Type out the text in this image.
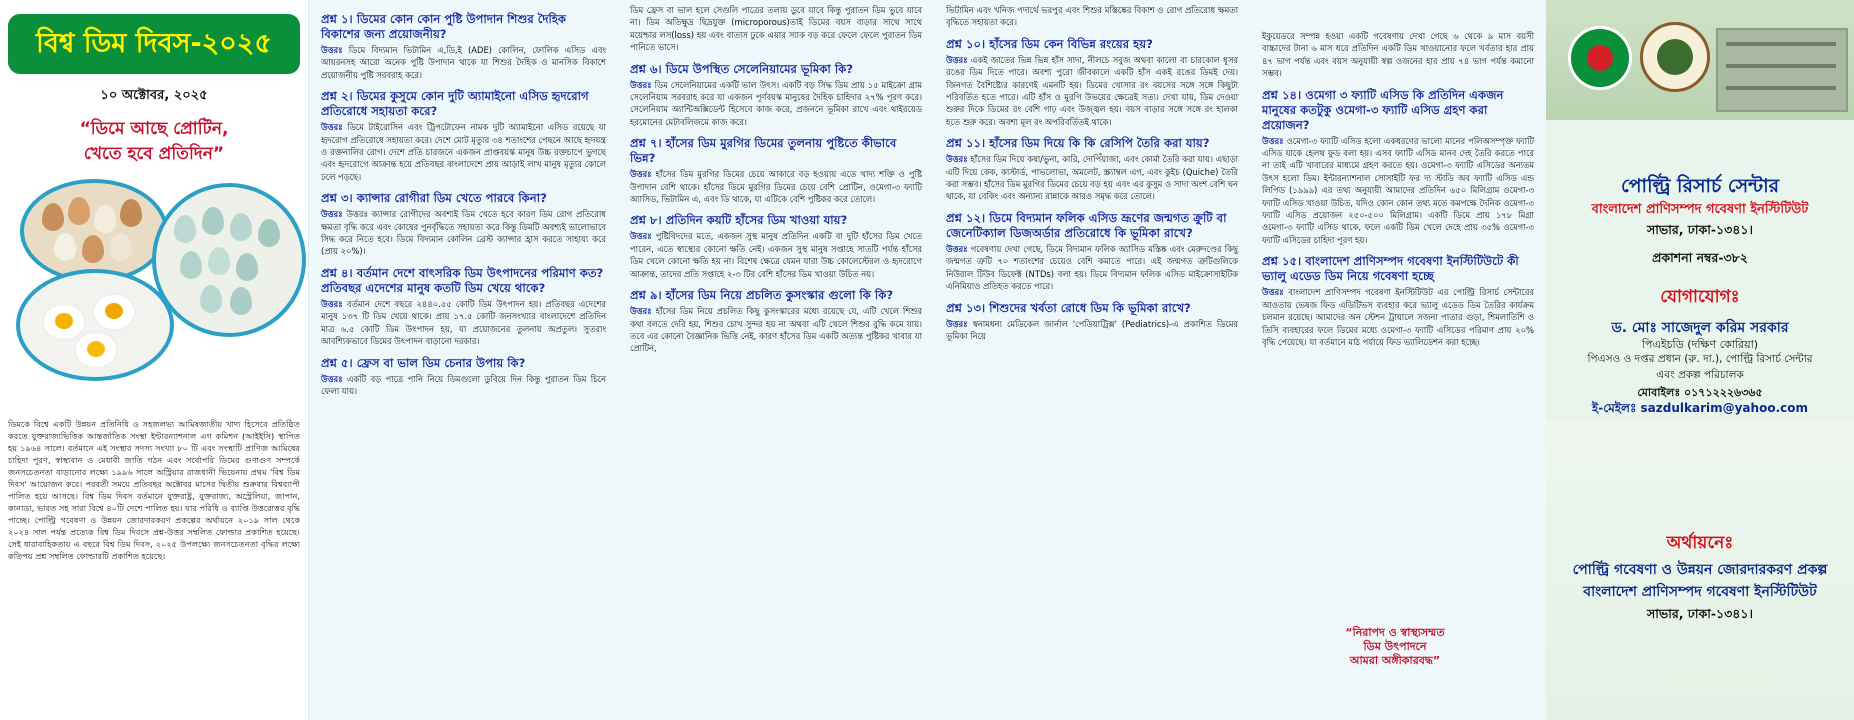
বিশ্ব ডিম দিবস-২০২৫
১০ অক্টোবর, ২০২৫
“ডিমে আছে প্রোটিন,
খেতে হবে প্রতিদিন”

ডিমকে বিশ্বে একটি উন্নয়ন প্রতিনিধি ও সহজলভ্য আমিষজাতীয় খাদ্য হিসেবে প্রতিষ্ঠিত করতে যুক্তরাজ্যভিত্তিক আন্তর্জাতিক সংস্থা ইন্টারন্যাশনাল এগ কমিশন (আইইসি) স্থাপিত হয় ১৯৬৪ সালে। বর্তমানে এই সংস্থার সদস্য সংখ্যা ৮০ টি এবং সংস্থাটি প্রাণিজ আমিষের চাহিদা পূরণ, স্বাস্থ্যবান ও মেধাবী জাতি গঠন এবং সর্বোপরি ডিমের গুণাগুণ সম্পর্কে জনসচেতনতা বাড়ানোর লক্ষ্যে ১৯৯৬ সালে অস্ট্রিয়ার রাজধানী ভিয়েনায় প্রথম 'বিশ্ব ডিম দিবস' আয়োজন করে। পরবর্তী সময়ে প্রতিবছর অক্টোবর মাসের দ্বিতীয় শুক্রবার বিশ্বব্যাপী পালিত হয়ে আসছে। বিশ্ব ডিম দিবস বর্তমানে যুক্তরাষ্ট্র, যুক্তরাজ্য, অস্ট্রেলিয়া, জাপান, কানাডা, ভারত সহ সারা বিশ্বে ৪০টি দেশে পালিত হয়। যার পরিধি ও ব্যাপ্তি উত্তরোত্তর বৃদ্ধি পাচ্ছে। পোল্ট্রি গবেষণা ও উন্নয়ন জোরদারকরণ প্রকল্পের অর্থায়নে ২০১৯ সাল থেকে ২০২৪ সাল পর্যন্ত প্রত্যেক বিশ্ব ডিম দিবসে প্রশ্ন-উত্তর সম্বলিত ফোল্ডার প্রকাশিত হয়েছে। সেই ধারাবাহিকতায় এ বছরে বিশ্ব ডিম দিবস, ২০২৫ উপলক্ষ্যে জনসচেতনতা বৃদ্ধির লক্ষ্যে কতিপয় প্রশ্ন সম্বলিত ফোল্ডারটি প্রকাশিত হয়েছে।

প্রশ্ন ১। ডিমের কোন কোন পুষ্টি উপাদান শিশুর দৈহিক বিকাশের জন্য প্রয়োজনীয়?

উত্তরঃ ডিমে বিদ্যমান ভিটামিন এ,ডি,ই (ADE) কোলিন, ফোলিক এসিড এবং আয়রনসহ আরো অনেক পুষ্টি উপাদান থাকে যা শিশুর দৈহিক ও মানসিক বিকাশে প্রয়োজনীয় পুষ্টি সরবরাহ করে।

প্রশ্ন ২। ডিমের কুসুমে কোন দুটি অ্যামাইনো এসিড হৃদরোগ প্রতিরোধে সহায়তা করে?

উত্তরঃ ডিমে টাইরোসিন এবং ট্রিপটোফেন নামক দুটি অ্যামাইনো এসিড রয়েছে যা হৃদরোগ প্রতিরোধে সহায়তা করে। দেশে মোট মৃত্যুর ৩৪ শতাংশের পেছনে আছে হৃদযন্ত্র ও রক্তনালির রোগ। দেশে প্রতি চারজনে একজন প্রাপ্তবয়স্ক মানুষ উচ্চ রক্তচাপে ভুগছে এবং হৃদরোগে আক্রান্ত হয়ে প্রতিবছর বাংলাদেশে প্রায় আড়াই লাখ মানুষ মৃত্যুর কোলে ঢলে পড়ছে।

প্রশ্ন ৩। ক্যান্সার রোগীরা ডিম খেতে পারবে কিনা?

উত্তরঃ উত্তরঃ ক্যান্সার রোগীদের অবশ্যই ডিম খেতে হবে কারণ ডিম রোগ প্রতিরোধ ক্ষমতা বৃদ্ধি করে এবং কোষের পুনর্বৃদ্ধিতে সহায়তা করে কিন্তু ডিমটি অবশ্যই ভালোভাবে সিদ্ধ করে নিতে হবে। ডিমে বিদ্যমান কোলিন ব্রেস্ট ক্যান্সার হ্রাস করতে সাহায্য করে (প্রায় ২০%)।

প্রশ্ন ৪। বর্তমান দেশে বাৎসরিক ডিম উৎপাদনের পরিমাণ কত? প্রতিবছর এদেশের মানুষ কতটি ডিম খেয়ে থাকে?

উত্তরঃ বর্তমান দেশে বছরে ২৪৪০.৫৫ কোটি ডিম উৎপাদন হয়। প্রতিবছর এদেশের মানুষ ১৩৭ টি ডিম খেয়ে থাকে। প্রায় ১৭.৫ কোটি জনসংখ্যার বাংলাদেশে প্রতিদিন মাত্র ৬.৫ কোটি ডিম উৎপাদন হয়, যা প্রয়োজনের তুলনায় অপ্রতুল। সুতরাং আবশ্যিকভাবে ডিমের উৎপাদন বাড়ানো দরকার।

প্রশ্ন ৫। ফ্রেস বা ভাল ডিম চেনার উপায় কি?

উত্তরঃ একটি বড় পাত্রে পানি নিয়ে ডিমগুলো ডুবিয়ে দিন কিন্তু পুরাতন ডিম চিনে ফেলা যায়।

ডিম ফ্রেস বা ভাল হলে সেগুলি পাত্রের তলায় ডুবে যাবে কিন্তু পুরাতন ডিম ভুবে যাবে না। ডিম অতিক্ষুদ্র ছিদ্রযুক্ত (microporous)তাই ডিমের বয়স বাড়ার সাথে সাথে ময়েশ্চার লস(loss) হয় এবং বাতাস ঢুকে এয়ার স্যাক বড় করে ফেলে ফেলে পুরাতন ডিম পানিতে ভাসে।

প্রশ্ন ৬। ডিমে উপস্থিত সেলেনিয়ামের ভূমিকা কি?

উত্তরঃ ডিম সেলেনিয়ামের একটি ভাল উৎস। একটি বড় সিদ্ধ ডিম প্রায় ১৫ মাইক্রো গ্রাম সেলেনিয়াম সরবরাহ করে যা একজন পূর্ণবয়স্ক মানুষের দৈহিক চাহিদার ২৭% পূরণ করে। সেলেনিয়াম অ্যান্টিঅক্সিডেন্ট হিসেবে কাজ করে, প্রজননে ভূমিকা রাখে এবং থাইরয়েড হরমোনের মেটাবলিজমে কাজ করে।

প্রশ্ন ৭। হাঁসের ডিম মুরগির ডিমের তুলনায় পুষ্টিতে কীভাবে ভিন্ন?

উত্তরঃ হাঁসের ডিম মুরগির ডিমের চেয়ে আকারে বড় হওয়ায় এতে খাদ্য শক্তি ও পুষ্টি উপাদান বেশি থাকে। হাঁসের ডিমে মুরগির ডিমের চেয়ে বেশি প্রোটিন, ওমেগা-৩ ফ্যাটি অ্যাসিড, ভিটামিন এ, এবং ডি থাকে, যা এটিকে বেশি পুষ্টিকর করে তোলে।

প্রশ্ন ৮। প্রতিদিন কয়টি হাঁসের ডিম খাওয়া যায়?

উত্তরঃ পুষ্টিবিদদের মতে, একজন সুস্থ মানুষ প্রতিদিন একটি বা দুটি হাঁসের ডিম খেতে পারেন, এতে স্বাস্থ্যের কোনো ক্ষতি নেই। একজন সুস্থ মানুষ সপ্তাহে সাতটি পর্যন্ত হাঁসের ডিম খেলে কোনো ক্ষতি হয় না। বিশেষ ক্ষেত্রে যেমন যারা উচ্চ কোলেস্টেরল ও হৃদরোগে আক্রান্ত, তাদের প্রতি সপ্তাহে ২-৩ টির বেশি হাঁসের ডিম খাওয়া উচিত নয়।

প্রশ্ন ৯। হাঁসের ডিম নিয়ে প্রচলিত কুসংস্কার গুলো কি কি?

উত্তরঃ হাঁসের ডিম নিয়ে প্রচলিত কিছু কুসংস্কারের মধ্যে রয়েছে যে, এটি খেলে শিশুর কথা বলতে দেরি হয়, শিশুর চোখ সুন্দর হয় না অথবা এটি খেলে শিশুর বুদ্ধি কমে যায়। তবে এর কোনো বৈজ্ঞানিক ভিত্তি নেই, কারণ হাঁসের ডিম একটি অত্যন্ত পুষ্টিকর খাবার যা প্রোটিন,

ভিটামিন এবং খনিজ পদার্থে ভরপুর এবং শিশুর মস্তিষ্কের বিকাশ ও রোগ প্রতিরোধ ক্ষমতা বৃদ্ধিতে সহায়তা করে।

প্রশ্ন ১০। হাঁসের ডিম কেন বিভিন্ন রংয়ের হয়?

উত্তরঃ একই জাতের ভিন্ন ভিন্ন হাঁস সাদা, নীলচে সবুজ অথবা কালো বা চারকোল ধূসর রঙের ডিম দিতে পারে। অবশ্য পুরো জীবকালে একটি হাঁস একই রঙের ডিমই দেয়। জিনগত বৈশিষ্ট্যের কারণেই এমনটি হয়। ডিমের খোসার রং বয়সের সঙ্গে সঙ্গে কিছুটা পরিবর্তিত হতে পারে। এটি হাঁস ও মুরগি উভয়ের ক্ষেত্রেই সত্য। দেখা যায়, ডিম দেওয়া শুরুর দিকে ডিমের রং বেশি গাঢ় এবং উজ্জ্বল হয়। বয়স বাড়ার সঙ্গে সঙ্গে রং হালকা হতে শুরু করে। অবশ্য মূল রং অপরিবর্তিতই থাকে।

প্রশ্ন ১১। হাঁসের ডিম দিয়ে কি কি রেসিপি তৈরি করা যায়?

উত্তরঃ হাঁসের ডিম দিয়ে কষা/ভুনা, কারি, দোপিঁয়াজা, এবং কোর্মা তৈরি করা যায়। এছাড়া এটি দিয়ে কেক, কাস্টার্ড, পাভলোভা, অমলেট, স্ক্র্যাম্বল এগ, এবং কুইচ (Quiche) তৈরি করা সম্ভব। হাঁসের ডিম মুরগির ডিমের চেয়ে বড় হয় এবং এর কুসুম ও সাদা অংশ বেশি ঘন থাকে, যা বেকিং এবং অন্যান্য রান্নাকে আরও সমৃদ্ধ করে তোলে।

প্রশ্ন ১২। ডিমে বিদ্যমান ফলিক এসিড ভ্রূণের জন্মগত ক্রুটি বা জেনেটিক্যাল ডিজঅর্ডার প্রতিরোধে কি ভূমিকা রাখে?

উত্তরঃ গবেষণায় দেখা গেছে, ডিমে বিদ্যমান ফলিক অ্যাসিড মস্তিষ্ক এবং মেরুদণ্ডের কিছু জন্মগত ত্রুটি ৭০ শতাংশের চেয়েও বেশি কমাতে পারে। এই জন্মগত ত্রুটিগুলিকে নিউরাল টিউব ডিফেক্ট (NTDs) বলা হয়। ডিমে বিদ্যমান ফলিক এসিড মাইক্রোসাইটিক এনিমিয়াও প্রতিহত করতে পারে।

প্রশ্ন ১৩। শিশুদের খর্বতা রোধে ডিম কি ভূমিকা রাখে?

উত্তরঃ স্বনামধন্য মেডিকেল জার্নাল 'পেডিয়াট্রিক্স' (Pediatrics)-এ প্রকাশিত ডিমের ভূমিকা নিয়ে

ইকুয়েডরে সম্পন্ন হওয়া একটি গবেষণায় দেখা গেছে ৬ থেকে ৯ মাস বয়সী বাচ্চাদের টানা ৬ মাস ধরে প্রতিদিন একটি ডিম খাওয়ানোর ফলে খর্বতার হার প্রায় ৪৭ ভাগ পর্যন্ত এবং বয়স অনুযায়ী স্বল্প ওজনের হার প্রায় ৭৪ ভাগ পর্যন্ত কমানো সম্ভব।

প্রশ্ন ১৪। ওমেগা ৩ ফ্যাটি এসিড কি প্রতিদিন একজন মানুষের কতটুকু ওমেগা-৩ ফ্যাটি এসিড গ্রহণ করা প্রয়োজন?

উত্তরঃ ওমেগা-৩ ফ্যাটি এসিড হলো একধরণের ভালো মানের পলিঅসম্পৃক্ত ফ্যাটি এসিড যাকে হেলথ ফুড বলা হয়। এসব ফ্যাটি এসিড মানব দেহ তৈরি করতে পারে না তাই এটি খাবারের মাধ্যমে গ্রহণ করতে হয়। ওমেগা-৩ ফ্যাটি এসিডের অন্যতম উৎস হলো ডিম। ইন্টারন্যাশনাল সোসাইটি ফর দ্য স্টাডি অব ফ্যাটি এসিড এন্ড লিপিড (১৯৯৯) এর তথ্য অনুযায়ী আমাদের প্রতিদিন ৬৫০ মিলিগ্রাম ওমেগা-৩ ফ্যাটি এসিড খাওয়া উচিত, যদিও কোন কোন তথ্য মতে কমপক্ষে দৈনিক ওমেগা-৩ ফ্যাটি এসিড প্রয়োজন ২৫০-৫০০ মিলিগ্রাম। একটি ডিমে প্রায় ১৭৮ মিগ্রা ওমেগা-৩ ফ্যাটি এসিড থাকে, ফলে একটি ডিম খেলে দেহে প্রায় ৩৫% ওমেগা-৩ ফ্যাটি এসিডের চাহিদা পূরণ হয়।

প্রশ্ন ১৫। বাংলাদেশ প্রাণিসম্পদ গবেষণা ইনস্টিটিউটে কী ভ্যালু এডেড ডিম নিয়ে গবেষণা হচ্ছে

উত্তরঃ বাংলাদেশ প্রাণিসম্পদ গবেষণা ইনস্টিটিউট এর পোল্ট্রি রিসার্চ সেন্টারের আওতায় ভেষজ ফিড এডিটিভস ব্যবহার করে ভ্যালু এডেড ডিম তৈরির কার্যক্রম চলমান রয়েছে। আমাদের অন স্টেশন ট্রায়ালে সজনা পাতার গুড়া, শিমলাতিশি ও তিসি ব্যবহারের ফলে ডিমের মধ্যে ওমেগা-৩ ফ্যাটি এসিডের পরিমাণ প্রায় ২০% বৃদ্ধি পেয়েছে। যা বর্তমানে মাঠ পর্যায়ে ফিড ভ্যালিডেশন করা হচ্ছে।

“নিরাপদ ও স্বাস্থ্যসম্মত
ডিম উৎপাদনে
আমরা অঙ্গীকারবদ্ধ”
পোল্ট্রি রিসার্চ সেন্টার
বাংলাদেশ প্রাণিসম্পদ গবেষণা ইনস্টিটিউট
সাভার, ঢাকা-১৩৪১।
প্রকাশনা নম্বর-৩৮২
যোগাযোগঃ
ড. মোঃ সাজেদুল করিম সরকার
পিএইচডি (দক্ষিণ কোরিয়া)
পিএসও ও দপ্তর প্রধান (রু. দা.), পোল্ট্রি রিসার্চ সেন্টার
এবং প্রকল্প পরিচালক
মোবাইলঃ ০১৭১২২২৬৩৬৫
ই-মেইলঃ sazdulkarim@yahoo.com
অর্থায়নেঃ
পোল্ট্রি গবেষণা ও উন্নয়ন জোরদারকরণ প্রকল্প
বাংলাদেশ প্রাণিসম্পদ গবেষণা ইনস্টিটিউট
সাভার, ঢাকা-১৩৪১।
